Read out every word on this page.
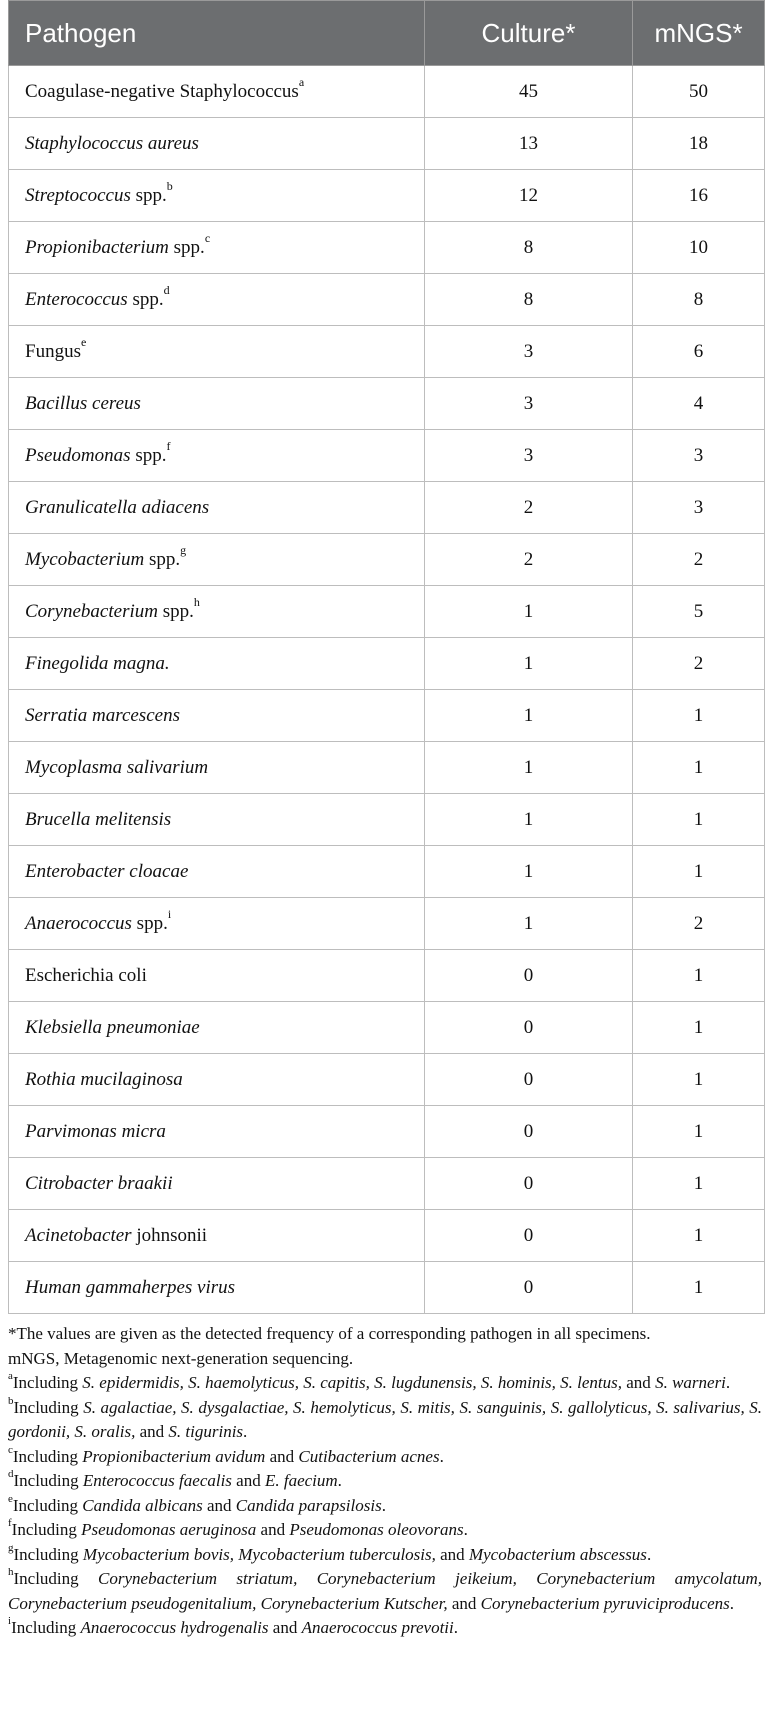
Pathogen	Culture*	mNGS*
Coagulase-negative Staphylococcus$^a$	45	50
Staphylococcus aureus	13	18
Streptococcus spp.$^b$	12	16
Propionibacterium spp.$^c$	8	10
Enterococcus spp.$^d$	8	8
Fungus$^e$	3	6
Bacillus cereus	3	4
Pseudomonas spp.$^f$	3	3
Granulicatella adiacens	2	3
Mycobacterium spp.$^g$	2	2
Corynebacterium spp.$^h$	1	5
Finegolida magna.	1	2
Serratia marcescens	1	1
Mycoplasma salivarium	1	1
Brucella melitensis	1	1
Enterobacter cloacae	1	1
Anaerococcus spp.$^i$	1	2
Escherichia coli	0	1
Klebsiella pneumoniae	0	1
Rothia mucilaginosa	0	1
Parvimonas micra	0	1
Citrobacter braakii	0	1
Acinetobacter johnsonii	0	1
Human gammaherpes virus	0	1

*The values are given as the detected frequency of a corresponding pathogen in all specimens.

mNGS, Metagenomic next-generation sequencing.

$^a$Including S. epidermidis, S. haemolyticus, S. capitis, S. lugdunensis, S. hominis, S. lentus, and S. warneri.

$^b$Including S. agalactiae, S. dysgalactiae, S. hemolyticus, S. mitis, S. sanguinis, S. gallolyticus, S. salivarius, S. gordonii, S. oralis, and S. tigurinis.

$^c$Including Propionibacterium avidum and Cutibacterium acnes.

$^d$Including Enterococcus faecalis and E. faecium.

$^e$Including Candida albicans and Candida parapsilosis.

$^f$Including Pseudomonas aeruginosa and Pseudomonas oleovorans.

$^g$Including Mycobacterium bovis, Mycobacterium tuberculosis, and Mycobacterium abscessus.

$^h$Including Corynebacterium striatum, Corynebacterium jeikeium, Corynebacterium amycolatum, Corynebacterium pseudogenitalium, Corynebacterium Kutscher, and Corynebacterium pyruviciproducens.

$^i$Including Anaerococcus hydrogenalis and Anaerococcus prevotii.
